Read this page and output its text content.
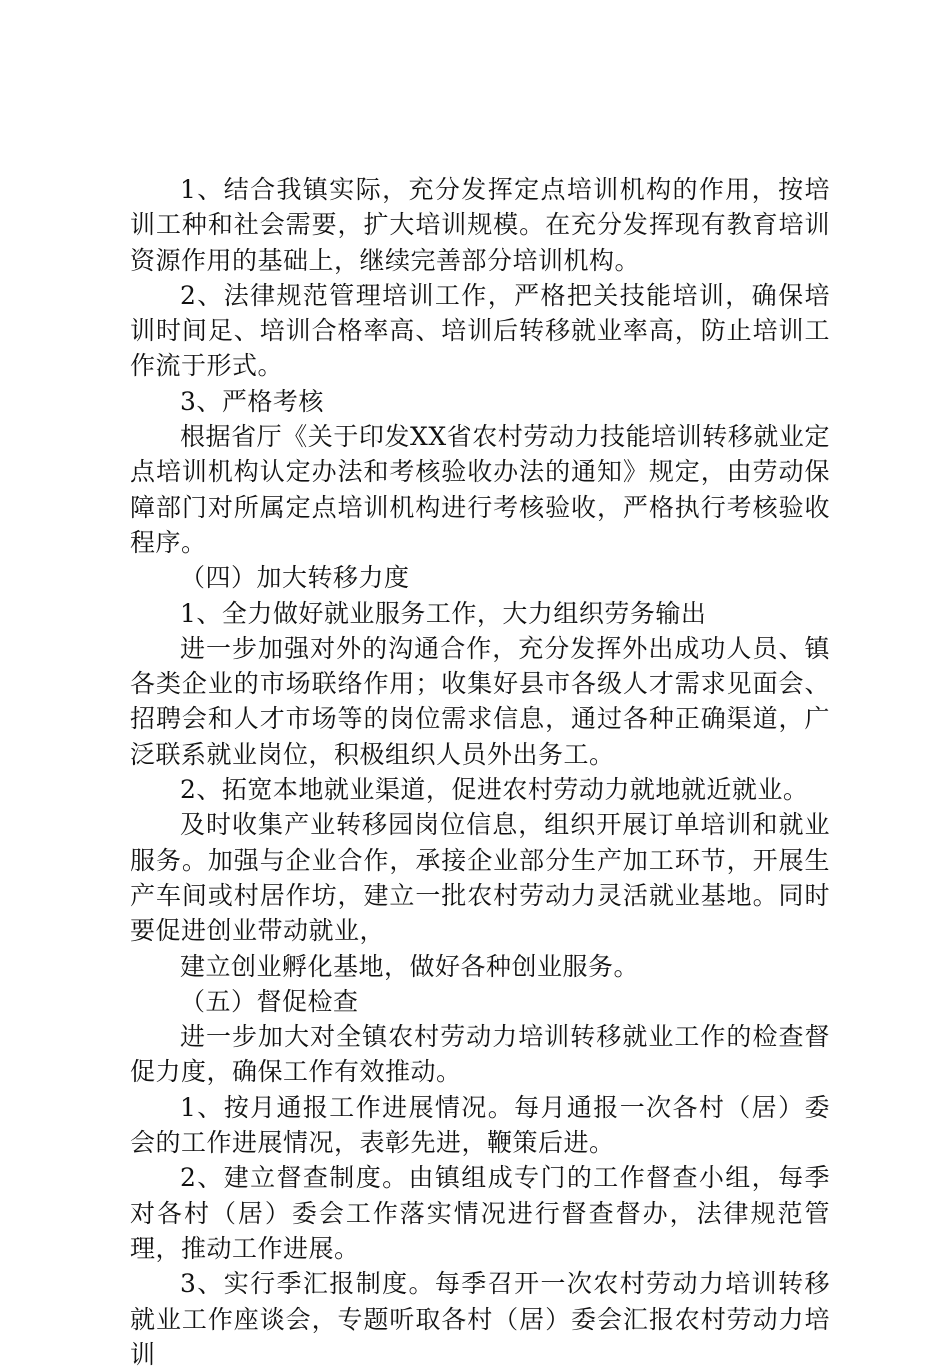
1、结合我镇实际，充分发挥定点培训机构的作用，按培训工种和社会需要，扩大培训规模。在充分发挥现有教育培训资源作用的基础上，继续完善部分培训机构。

2、法律规范管理培训工作，严格把关技能培训，确保培训时间足、培训合格率高、培训后转移就业率高，防止培训工作流于形式。

3、严格考核

根据省厅《关于印发XX省农村劳动力技能培训转移就业定点培训机构认定办法和考核验收办法的通知》规定，由劳动保障部门对所属定点培训机构进行考核验收，严格执行考核验收程序。

（四）加大转移力度

1、全力做好就业服务工作，大力组织劳务输出

进一步加强对外的沟通合作，充分发挥外出成功人员、镇各类企业的市场联络作用；收集好县市各级人才需求见面会、招聘会和人才市场等的岗位需求信息，通过各种正确渠道，广泛联系就业岗位，积极组织人员外出务工。

2、拓宽本地就业渠道，促进农村劳动力就地就近就业。

及时收集产业转移园岗位信息，组织开展订单培训和就业服务。加强与企业合作，承接企业部分生产加工环节，开展生产车间或村居作坊，建立一批农村劳动力灵活就业基地。同时要促进创业带动就业，

建立创业孵化基地，做好各种创业服务。

（五）督促检查

进一步加大对全镇农村劳动力培训转移就业工作的检查督促力度，确保工作有效推动。

1、按月通报工作进展情况。每月通报一次各村（居）委会的工作进展情况，表彰先进，鞭策后进。

2、建立督查制度。由镇组成专门的工作督查小组，每季对各村（居）委会工作落实情况进行督查督办，法律规范管理，推动工作进展。

3、实行季汇报制度。每季召开一次农村劳动力培训转移就业工作座谈会，专题听取各村（居）委会汇报农村劳动力培训
